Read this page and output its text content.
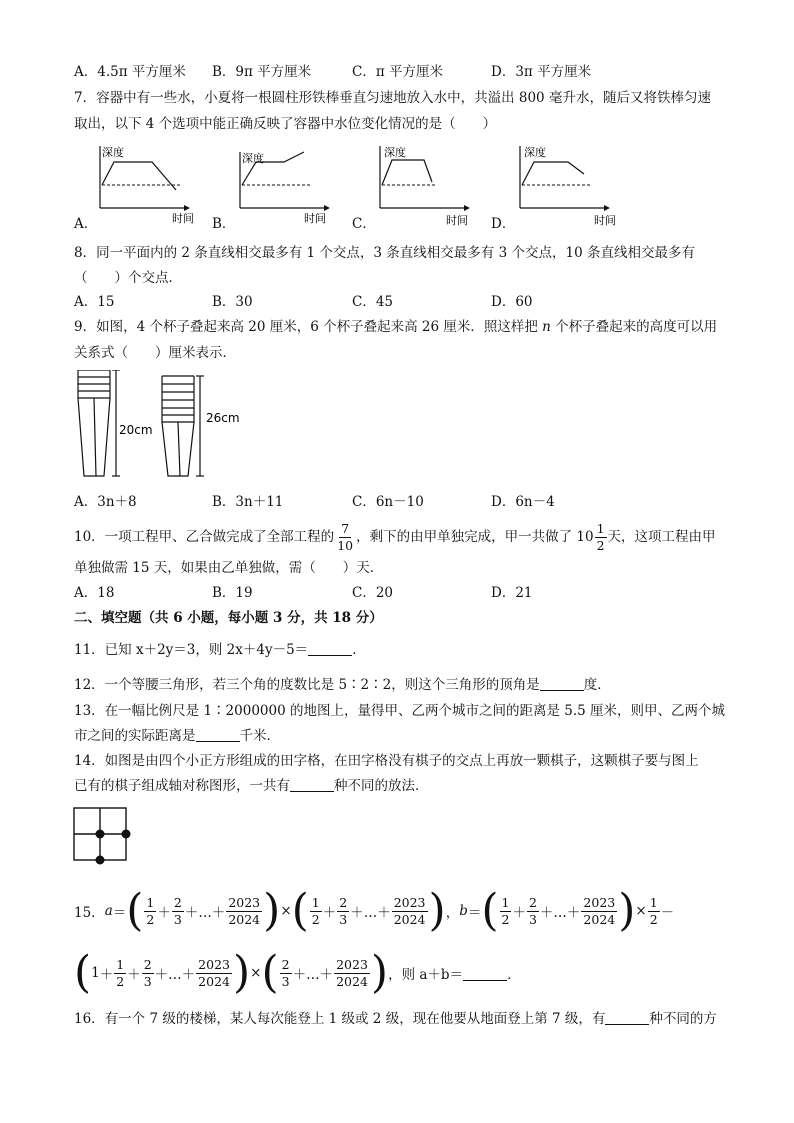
A．4.5π 平方厘米 B．9π 平方厘米	C．π 平方厘米	D．3π 平方厘米
7．容器中有一些水，小夏将一根圆柱形铁棒垂直匀速地放入水中，共溢出 800 毫升水，随后又将铁棒匀速
取出，以下 4 个选项中能正确反映了容器中水位变化情况的是（　　）
深度
时间
深度
时间
深度
时间
深度
时间
A．	B．	C．	D．
8．同一平面内的 2 条直线相交最多有 1 个交点，3 条直线相交最多有 3 个交点，10 条直线相交最多有
（　　）个交点．
A．15	B．30	C．45	D．60
9．如图，4 个杯子叠起来高 20 厘米，6 个杯子叠起来高 26 厘米．照这样把 n 个杯子叠起来的高度可以用
关系式（　　）厘米表示．
20cm
26cm
A．3n＋8	B．3n＋11	C．6n－10	D．6n－4
10．一项工程甲、乙合做完成了全部工程的 $\frac{7}{10}$ ，剩下的由甲单独完成，甲一共做了 $10 \frac{1}{2}$ 天，这项工程由甲
单独做需 15 天，如果由乙单独做，需（　　）天．
A．18	B．19	C．20	D．21
二、填空题（共 6 小题，每小题 3 分，共 18 分）
11．已知 x＋2y＝3，则 2x＋4y－5＝	．
12．一个等腰三角形，若三个角的度数比是 5∶2∶2，则这个三角形的顶角是	度．
13．在一幅比例尺是 1∶2000000 的地图上，量得甲、乙两个城市之间的距离是 5.5 厘米，则甲、乙两个城
市之间的实际距离是	千米．
14．如图是由四个小正方形组成的田字格，在田字格没有棋子的交点上再放一颗棋子，这颗棋子要与图上
已有的棋子组成轴对称图形，一共有	种不同的放法．
15． a ＝ ( $\frac{1}{2} + \frac{2}{3}$ ＋…＋ $\frac{2023}{2024}$ ) × ( $\frac{1}{2} + \frac{2}{3}$ ＋…＋ $\frac{2023}{2024}$ ) ， b ＝ ( $\frac{1}{2} + \frac{2}{3}$ ＋…＋ $\frac{2023}{2024}$ ) × $\frac{1}{2}$ －
( $1 + \frac{1}{2} + \frac{2}{3}$ ＋…＋ $\frac{2023}{2024}$ ) × ( $\frac{2}{3}$ ＋…＋ $\frac{2023}{2024}$ ) ，则 a＋b＝	．
16．有一个 7 级的楼梯，某人每次能登上 1 级或 2 级，现在他要从地面登上第 7 级，有	种不同的方
